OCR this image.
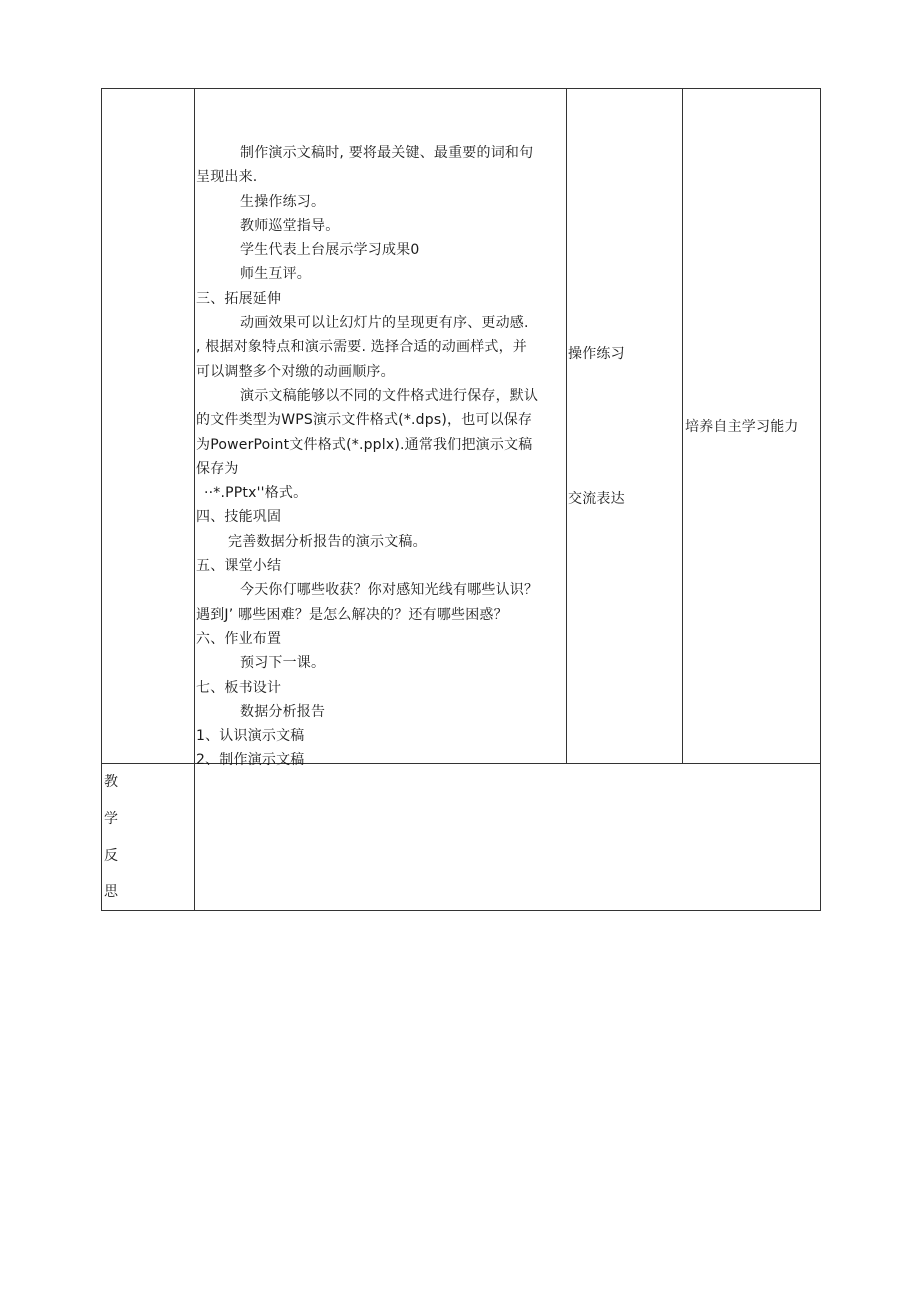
制作演示文稿时, 要将最关键、最重要的词和句
呈现出来.
生操作练习。
教师巡堂指导。
学生代表上台展示学习成果0
师生互评。
三、拓展延伸
动画效果可以让幻灯片的呈现更有序、更动感.
, 根据对象特点和演示需要. 选择合适的动画样式，并
可以调整多个对缴的动画顺序。
演示文稿能够以不同的文件格式进行保存，默认
的文件类型为WPS演示文件格式(*.dps)，也可以保存
为PowerPoint文件格式(*.pplx).通常我们把演示文稿
保存为
··*.PPtx''格式。
四、技能巩固
完善数据分析报告的演示文稿。
五、课堂小结
今天你仃哪些收获？你对感知光线有哪些认识？
遇到J’ 哪些困难？是怎么解决的？还有哪些困惑？
六、作业布置
预习下一课。
七、板书设计
数据分析报告
1、认识演示文稿
2、制作演示文稿
操作练习
交流表达
培养自主学习能力
教
学
反
思
